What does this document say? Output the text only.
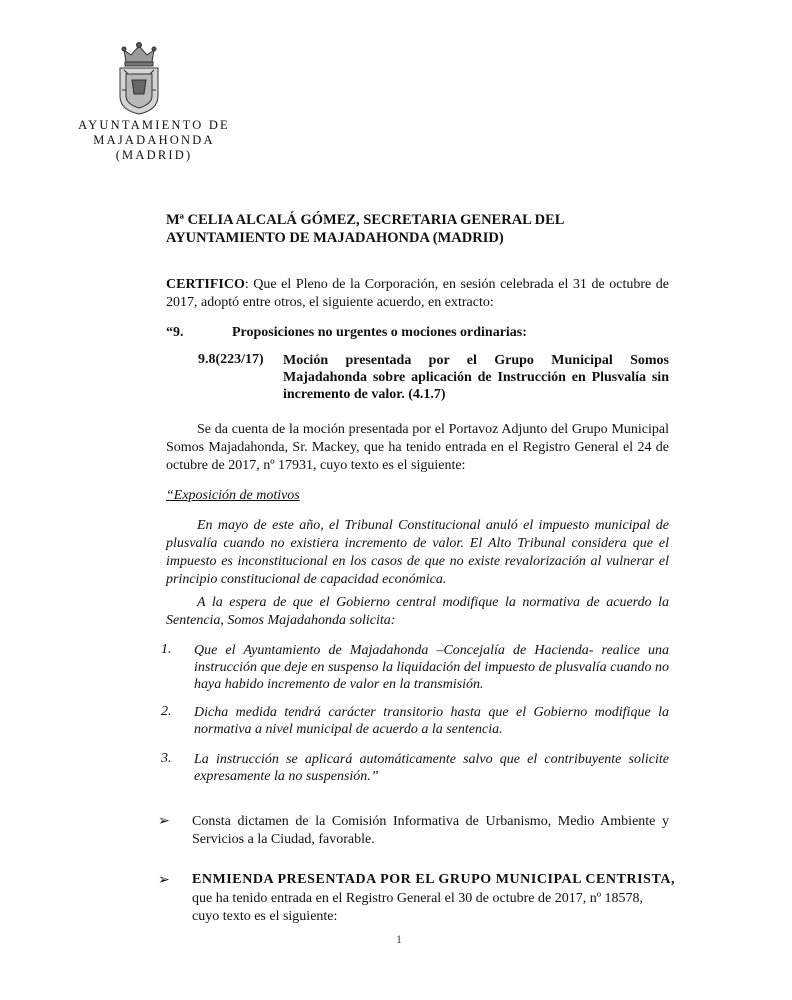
AYUNTAMIENTO DE
MAJADAHONDA
(MADRID)
Mª CELIA ALCALÁ GÓMEZ, SECRETARIA GENERAL DEL AYUNTAMIENTO DE MAJADAHONDA (MADRID)
CERTIFICO: Que el Pleno de la Corporación, en sesión celebrada el 31 de octubre de 2017, adoptó entre otros, el siguiente acuerdo, en extracto:
“9.	Proposiciones no urgentes o mociones ordinarias:
9.8(223/17) Moción presentada por el Grupo Municipal Somos Majadahonda sobre aplicación de Instrucción en Plusvalía sin incremento de valor. (4.1.7)
Se da cuenta de la moción presentada por el Portavoz Adjunto del Grupo Municipal Somos Majadahonda, Sr. Mackey, que ha tenido entrada en el Registro General el 24 de octubre de 2017, nº 17931, cuyo texto es el siguiente:
“Exposición de motivos
En mayo de este año, el Tribunal Constitucional anuló el impuesto municipal de plusvalía cuando no existiera incremento de valor. El Alto Tribunal considera que el impuesto es inconstitucional en los casos de que no existe revalorización al vulnerar el principio constitucional de capacidad económica.
A la espera de que el Gobierno central modifique la normativa de acuerdo la Sentencia, Somos Majadahonda solicita:
1. Que el Ayuntamiento de Majadahonda –Concejalía de Hacienda- realice una instrucción que deje en suspenso la liquidación del impuesto de plusvalía cuando no haya habido incremento de valor en la transmisión.
2. Dicha medida tendrá carácter transitorio hasta que el Gobierno modifique la normativa a nivel municipal de acuerdo a la sentencia.
3. La instrucción se aplicará automáticamente salvo que el contribuyente solicite expresamente la no suspensión.”
➢ Consta dictamen de la Comisión Informativa de Urbanismo, Medio Ambiente y Servicios a la Ciudad, favorable.
➢ ENMIENDA PRESENTADA POR EL GRUPO MUNICIPAL CENTRISTA,
que ha tenido entrada en el Registro General el 30 de octubre de 2017, nº 18578, cuyo texto es el siguiente:
1
